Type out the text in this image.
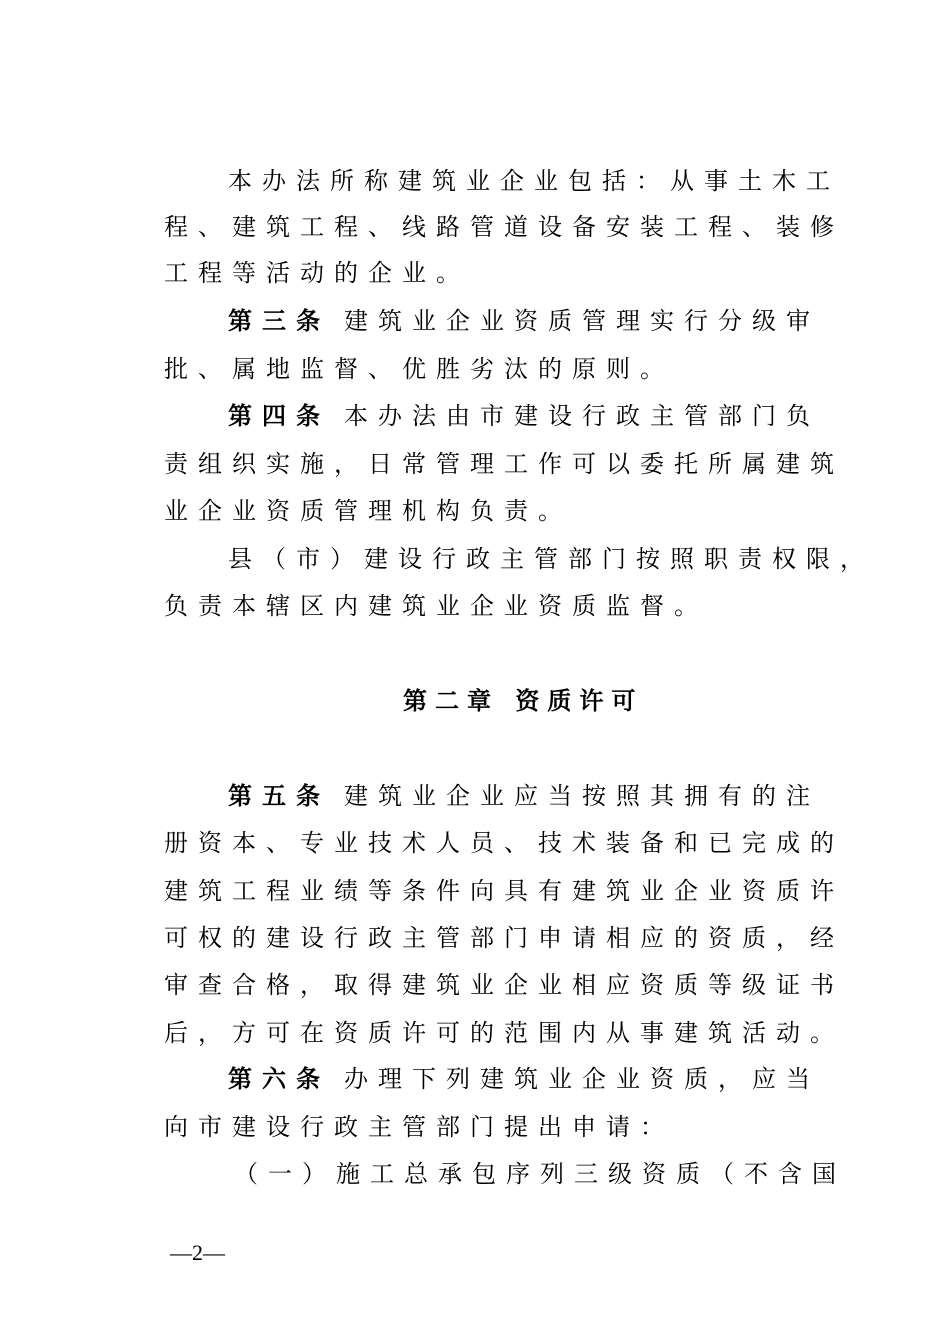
本办法所称建筑业企业包括：从事土木工
程、建筑工程、线路管道设备安装工程、装修
工程等活动的企业。
第三条 建筑业企业资质管理实行分级审
批、属地监督、优胜劣汰的原则。
第四条 本办法由市建设行政主管部门负
责组织实施，日常管理工作可以委托所属建筑
业企业资质管理机构负责。
县（市）建设行政主管部门按照职责权限，
负责本辖区内建筑业企业资质监督。
第二章 资质许可
第五条 建筑业企业应当按照其拥有的注
册资本、专业技术人员、技术装备和已完成的
建筑工程业绩等条件向具有建筑业企业资质许
可权的建设行政主管部门申请相应的资质，经
审查合格，取得建筑业企业相应资质等级证书
后，方可在资质许可的范围内从事建筑活动。
第六条 办理下列建筑业企业资质，应当
向市建设行政主管部门提出申请：
（一）施工总承包序列三级资质（不含国
—2—
